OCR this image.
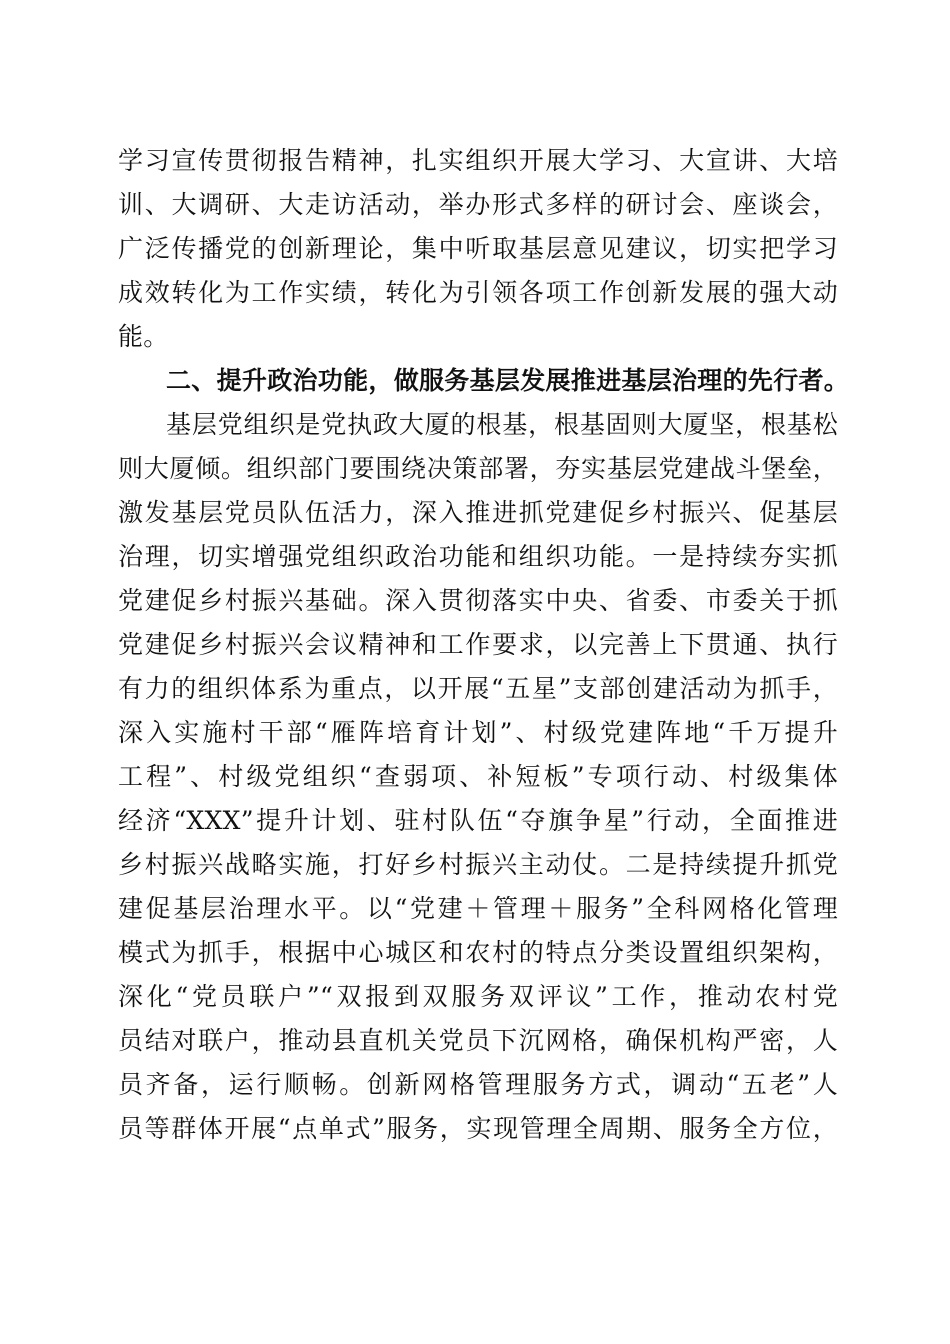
学习宣传贯彻报告精神，扎实组织开展大学习、大宣讲、大培
训、大调研、大走访活动，举办形式多样的研讨会、座谈会，
广泛传播党的创新理论，集中听取基层意见建议，切实把学习
成效转化为工作实绩，转化为引领各项工作创新发展的强大动
能。
二、提升政治功能，做服务基层发展推进基层治理的先行者。
基层党组织是党执政大厦的根基，根基固则大厦坚，根基松
则大厦倾。组织部门要围绕决策部署，夯实基层党建战斗堡垒，
激发基层党员队伍活力，深入推进抓党建促乡村振兴、促基层
治理，切实增强党组织政治功能和组织功能。一是持续夯实抓
党建促乡村振兴基础。深入贯彻落实中央、省委、市委关于抓
党建促乡村振兴会议精神和工作要求，以完善上下贯通、执行
有力的组织体系为重点，以开展“五星”支部创建活动为抓手，
深入实施村干部“雁阵培育计划”、村级党建阵地“千万提升
工程”、村级党组织“查弱项、补短板”专项行动、村级集体
经济“XXX”提升计划、驻村队伍“夺旗争星”行动，全面推进
乡村振兴战略实施，打好乡村振兴主动仗。二是持续提升抓党
建促基层治理水平。以“党建＋管理＋服务”全科网格化管理
模式为抓手，根据中心城区和农村的特点分类设置组织架构，
深化“党员联户”“双报到双服务双评议”工作，推动农村党
员结对联户，推动县直机关党员下沉网格，确保机构严密，人
员齐备，运行顺畅。创新网格管理服务方式，调动“五老”人
员等群体开展“点单式”服务，实现管理全周期、服务全方位，
